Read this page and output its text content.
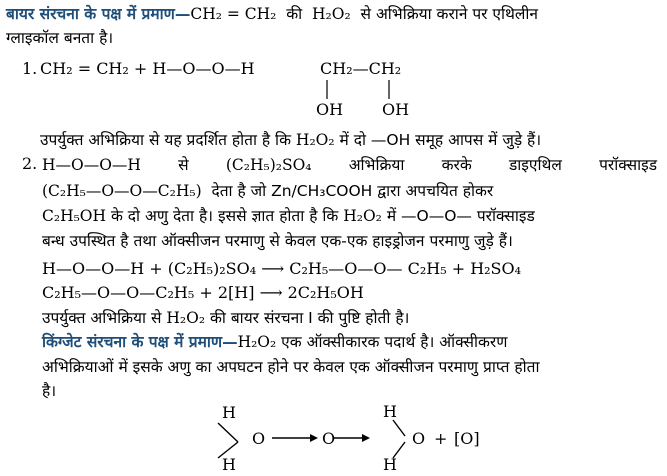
बायर संरचना के पक्ष में प्रमाण—CH₂ = CH₂ की H₂O₂ से अभिक्रिया कराने पर एथिलीन
ग्लाइकॉल बनता है।
1. CH₂ = CH₂ + H—O—O—H	CH₂—CH₂
OH OH
उपर्युक्त अभिक्रिया से यह प्रदर्शित होता है कि H₂O₂ में दो —OH समूह आपस में जुड़े हैं।
2. H—O—O—H से (C₂H₅)₂SO₄ अभिक्रिया करके डाइएथिल परॉक्साइड
(C₂H₅—O—O—C₂H₅) देता है जो Zn/CH₃COOH द्वारा अपचयित होकर
C₂H₅OH के दो अणु देता है। इससे ज्ञात होता है कि H₂O₂ में —O—O— परॉक्साइड
बन्ध उपस्थित है तथा ऑक्सीजन परमाणु से केवल एक-एक हाइड्रोजन परमाणु जुड़े हैं।
H—O—O—H + (C₂H₅)₂SO₄ ⟶ C₂H₅—O—O— C₂H₅ + H₂SO₄
C₂H₅—O—O—C₂H₅ + 2[H] ⟶ 2C₂H₅OH
उपर्युक्त अभिक्रिया से H₂O₂ की बायर संरचना I की पुष्टि होती है।
किंग्जेट संरचना के पक्ष में प्रमाण—H₂O₂ एक ऑक्सीकारक पदार्थ है। ऑक्सीकरण
अभिक्रियाओं में इसके अणु का अपघटन होने पर केवल एक ऑक्सीजन परमाणु प्राप्त होता
है।
H
H
O	O
H
H
O + [O]
